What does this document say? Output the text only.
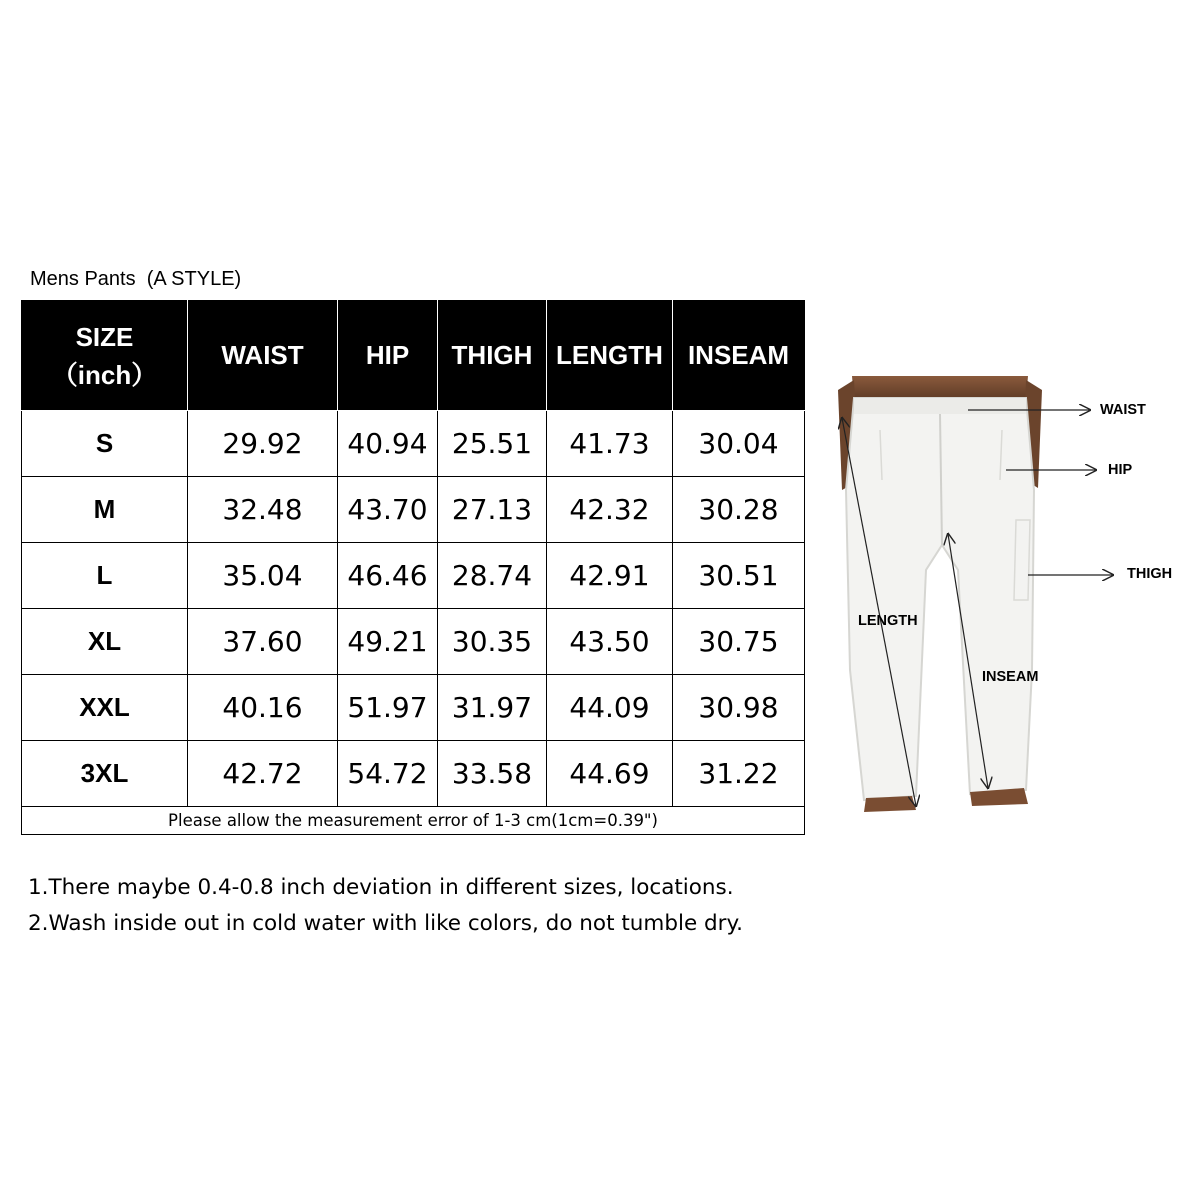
Mens Pants  (A STYLE)
SIZE
（inch）	WAIST	HIP	THIGH	LENGTH	INSEAM
S	29.92	40.94	25.51	41.73	30.04
M	32.48	43.70	27.13	42.32	30.28
L	35.04	46.46	28.74	42.91	30.51
XL	37.60	49.21	30.35	43.50	30.75
XXL	40.16	51.97	31.97	44.09	30.98
3XL	42.72	54.72	33.58	44.69	31.22
Please allow the measurement error of 1-3 cm(1cm=0.39")					
1.There maybe 0.4-0.8 inch deviation in different sizes, locations.
2.Wash inside out in cold water with like colors, do not tumble dry.
WAIST
HIP
THIGH
LENGTH
INSEAM
